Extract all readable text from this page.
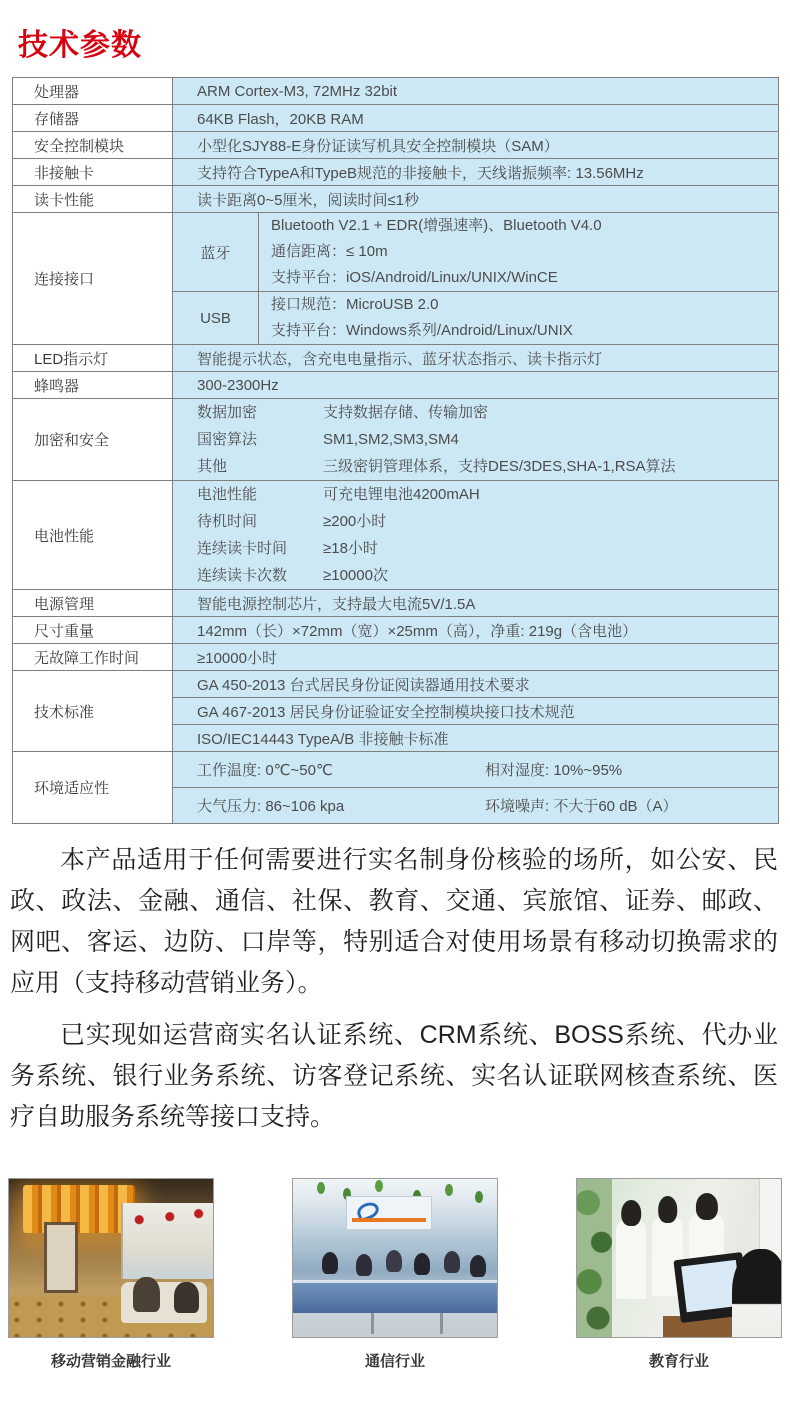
技术参数
处理器	ARM Cortex-M3, 72MHz 32bit	
存储器	64KB Flash，20KB RAM	
安全控制模块	小型化SJY88-E身份证读写机具安全控制模块（SAM）	
非接触卡	支持符合TypeA和TypeB规范的非接触卡，天线谐振频率: 13.56MHz	
读卡性能	读卡距离0~5厘米，阅读时间≤1秒	
连接接口	蓝牙	Bluetooth V2.1 + EDR(增强速率)、Bluetooth V4.0
通信距离：≤ 10m
支持平台：iOS/Android/Linux/UNIX/WinCE

	USB	接口规范：MicroUSB 2.0
支持平台：Windows系列/Android/Linux/UNIX

LED指示灯	智能提示状态，含充电电量指示、蓝牙状态指示、读卡指示灯	
蜂鸣器	300-2300Hz	
加密和安全	
数据加密	支持数据存储、传输加密
国密算法	SM1,SM2,SM3,SM4
其他	三级密钥管理体系，支持DES/3DES,SHA-1,RSA算法

电池性能	
电池性能	可充电锂电池4200mAH
待机时间	≥200小时
连续读卡时间	≥18小时
连续读卡次数	≥10000次

电源管理	智能电源控制芯片，支持最大电流5V/1.5A	
尺寸重量	142mm（长）×72mm（宽）×25mm（高），净重: 219g（含电池）	
无故障工作时间	≥10000小时	
技术标准	GA 450-2013 台式居民身份证阅读器通用技术要求	
	GA 467-2013 居民身份证验证安全控制模块接口技术规范	
	ISO/IEC14443 TypeA/B 非接触卡标准	
环境适应性	工作温度: 0℃~50℃ 相对湿度: 10%~95%	

	大气压力: 86~106 kpa 环境噪声: 不大于60 dB（A）	

本产品适用于任何需要进行实名制身份核验的场所，如公安、民政、政法、金融、通信、社保、教育、交通、宾旅馆、证券、邮政、网吧、客运、边防、口岸等，特别适合对使用场景有移动切换需求的应用（支持移动营销业务）。

已实现如运营商实名认证系统、CRM系统、BOSS系统、代办业务系统、银行业务系统、访客登记系统、实名认证联网核查系统、医疗自助服务系统等接口支持。

移动营销金融行业	通信行业	教育行业
